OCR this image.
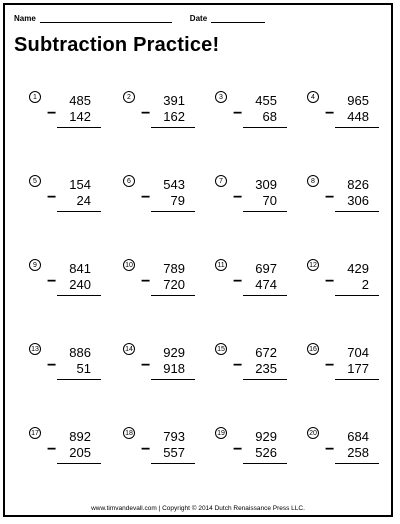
Name	Date
Subtraction Practice!
1	485
− 142
2	391
− 162
3	455
− 68
4	965
− 448
5	154
− 24
6	543
− 79
7	309
− 70
8	826
− 306
9	841
− 240
10 789
− 720
11 697
− 474
12 429
− 2
13 886
− 51
14 929
− 918
15 672
− 235
16 704
− 177
17 892
− 205
18 793
− 557
19 929
− 526
20 684
− 258
www.timvandevall.com | Copyright © 2014 Dutch Renaissance Press LLC.
